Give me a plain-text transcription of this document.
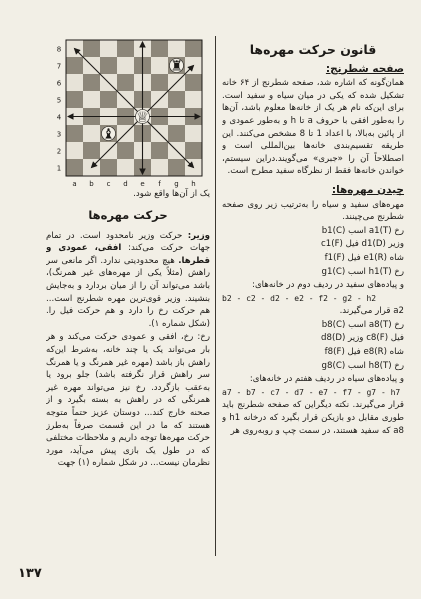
8
7
6
5
4
3
2
1
a b c d e f g h
♕
♜
♝
یک از آن‌ها واقع شود.
قانون حرکت مهره‌ها
صفحه شطرنج:

همان‌گونه که اشاره شد، صفحه شطرنج از ۶۴ خانه تشکیل شده که یکی در میان سیاه و سفید است. برای این‌که نام هر یک از خانه‌ها معلوم باشد، آن‌ها را به‌طور افقی با حروف a تا h و به‌طور عمودی و از پائین به‌بالا، با اعداد 1 تا 8 مشخص می‌کنند. این طریقه تقسیم‌بندی خانه‌ها بین‌المللی است و اصطلاحاً آن را «جبری» می‌گویند.دراین سیستم، خواندن خانه‌ها فقط از نظرگاه سفید مطرح است.

چیدن مهره‌ها:

مهره‌های سفید و سیاه را به‌ترتیب زیر روی صفحه شطرنج می‌چینند.

رخ (T)a1 اسب (C)b1

وزیر (D)d1 فیل (F)c1

شاه (R)e1 فیل (F)f1

رخ (T)h1 اسب (C)g1

و پیاده‌های سفید در ردیف دوم در خانه‌های:

b2 - c2 - d2 - e2 - f2 - g2 - h2

a2 قرار می‌گیرند.

رخ (T)a8 اسب (C)b8

فیل (F)c8 وزیر (D)d8

شاه (R)e8 فیل (F)f8

رخ (T)h8 اسب (C)g8

و پیاده‌های سیاه در ردیف هفتم در خانه‌های:

a7 - b7 - c7 - d7 - e7 - f7 - g7 - h7

قرار می‌گیرند. نکته دیگراین که صفحه شطرنج باید طوری مقابل دو بازیکن قرار بگیرد که درخانه h1 و a8 که سفید هستند، در سمت چپ و روبه‌روی هر

حرکت مهره‌ها

وزیر: حرکت وزیر نامحدود است. در تمام جهات حرکت می‌کند: افقی، عمودی و قطرها. هیچ محدودیتی ندارد. اگر مانعی سر راهش (مثلاً یکی از مهره‌های غیر همرنگ)، باشد می‌تواند آن را از میان بردارد و به‌جایش بنشیند. وزیر قوی‌ترین مهره شطرنج است... هم حرکت رخ را دارد و هم حرکت فیل را. (شکل شماره ۱).

رخ: رخ، افقی و عمودی حرکت می‌کند و هر بار می‌تواند یک یا چند خانه، به‌شرط این‌که راهش باز باشد (مهره غیر همرنگ و یا همرنگ سر راهش قرار نگرفته باشد) جلو برود یا به‌عقب بازگردد. رخ نیز می‌تواند مهره غیر همرنگی که در راهش به بسته بگیرد و از صحنه خارج کند... دوستان عزیز حتماً متوجه هستند که ما در این قسمت صرفاً به‌طرز حرکت مهره‌ها توجه داریم و ملاحظات مختلفی که در طول یک بازی پیش می‌آید، مورد نظرمان نیست... در شکل شماره (۱) جهت

۱۳۷
